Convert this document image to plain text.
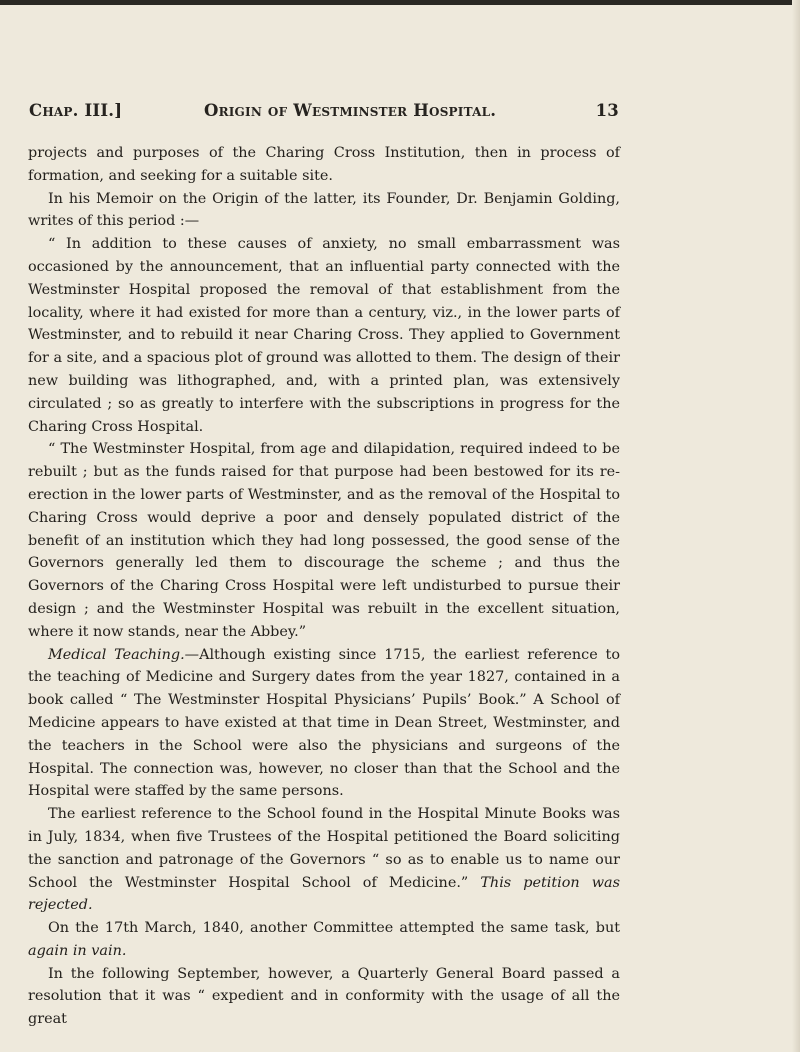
Chap. III.]	Origin of Westminster Hospital.	13

projects and purposes of the Charing Cross Institution, then in process of formation, and seeking for a suitable site.

In his Memoir on the Origin of the latter, its Founder, Dr. Benjamin Golding, writes of this period :—

“ In addition to these causes of anxiety, no small embarrassment was occasioned by the announcement, that an influential party connected with the Westminster Hospital proposed the removal of that establishment from the locality, where it had existed for more than a century, viz., in the lower parts of Westminster, and to rebuild it near Charing Cross. They applied to Government for a site, and a spacious plot of ground was allotted to them. The design of their new building was lithographed, and, with a printed plan, was extensively circulated ; so as greatly to interfere with the subscriptions in progress for the Charing Cross Hospital.

“ The Westminster Hospital, from age and dilapidation, required indeed to be rebuilt ; but as the funds raised for that purpose had been bestowed for its re-erection in the lower parts of Westminster, and as the removal of the Hospital to Charing Cross would deprive a poor and densely populated district of the benefit of an institution which they had long possessed, the good sense of the Governors generally led them to discourage the scheme ; and thus the Governors of the Charing Cross Hospital were left undisturbed to pursue their design ; and the Westminster Hospital was rebuilt in the excellent situation, where it now stands, near the Abbey.”

Medical Teaching.—Although existing since 1715, the earliest reference to the teaching of Medicine and Surgery dates from the year 1827, contained in a book called “ The Westminster Hospital Physicians’ Pupils’ Book.” A School of Medicine appears to have existed at that time in Dean Street, Westminster, and the teachers in the School were also the physicians and surgeons of the Hospital. The connection was, however, no closer than that the School and the Hospital were staffed by the same persons.

The earliest reference to the School found in the Hospital Minute Books was in July, 1834, when five Trustees of the Hospital petitioned the Board soliciting the sanction and patronage of the Governors “ so as to enable us to name our School the Westminster Hospital School of Medicine.” This petition was rejected.

On the 17th March, 1840, another Committee attempted the same task, but again in vain.

In the following September, however, a Quarterly General Board passed a resolution that it was “ expedient and in conformity with the usage of all the great
